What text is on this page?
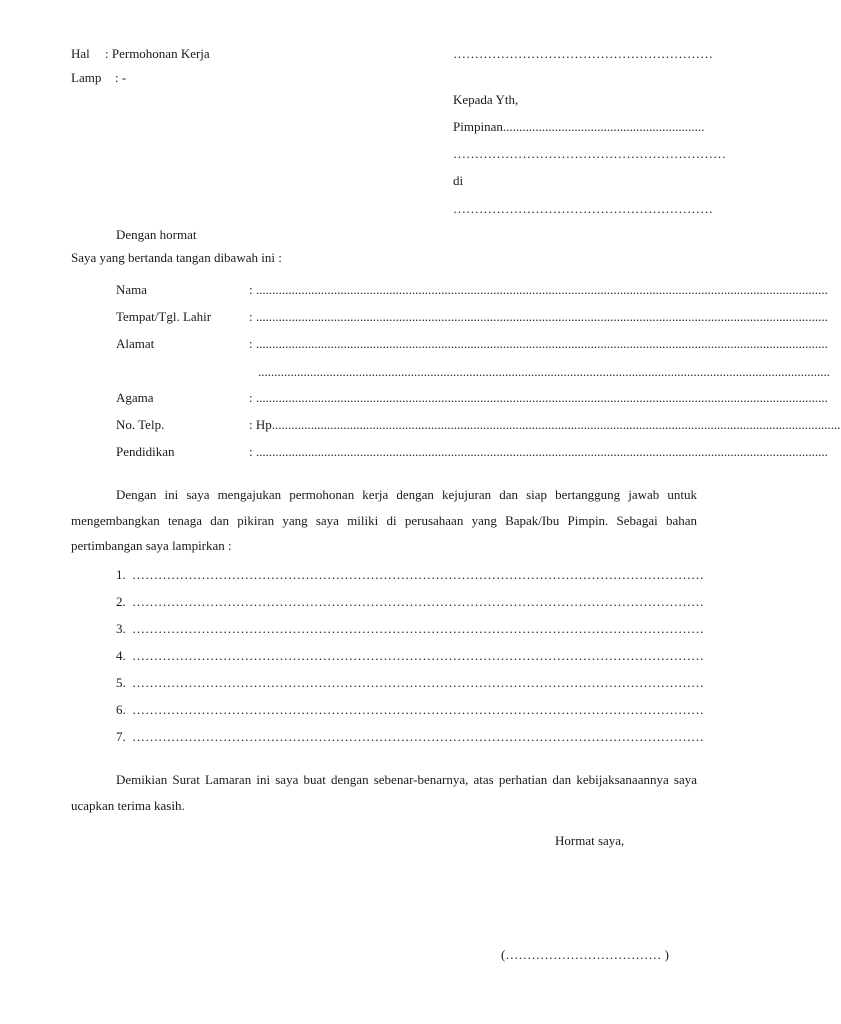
Hal : Permohonan Kerja
Lamp : -
……………………………………………………
Kepada Yth,
Pimpinan..............................................................
………………………………………………………
di
……………………………………………………
Dengan hormat
Saya yang bertanda tangan dibawah ini :
Nama	: ................................................................................................................................................................................
Tempat/Tgl. Lahir	: ................................................................................................................................................................................
Alamat	: ................................................................................................................................................................................
................................................................................................................................................................................
Agama	: ................................................................................................................................................................................
No. Telp.	: Hp...............................................................................................................................................................................
Pendidikan	: ................................................................................................................................................................................
Dengan ini saya mengajukan permohonan kerja dengan kejujuran dan siap bertanggung jawab untuk mengembangkan tenaga dan pikiran yang saya miliki di perusahaan yang Bapak/Ibu Pimpin. Sebagai bahan pertimbangan saya lampirkan :
1. ……………………………………………………………………………………………………………………
2. ……………………………………………………………………………………………………………………
3. ……………………………………………………………………………………………………………………
4. ……………………………………………………………………………………………………………………
5. ……………………………………………………………………………………………………………………
6. ……………………………………………………………………………………………………………………
7. ……………………………………………………………………………………………………………………
Demikian Surat Lamaran ini saya buat dengan sebenar-benarnya, atas perhatian dan kebijaksanaannya saya ucapkan terima kasih.
Hormat saya,
(……………………………… )
